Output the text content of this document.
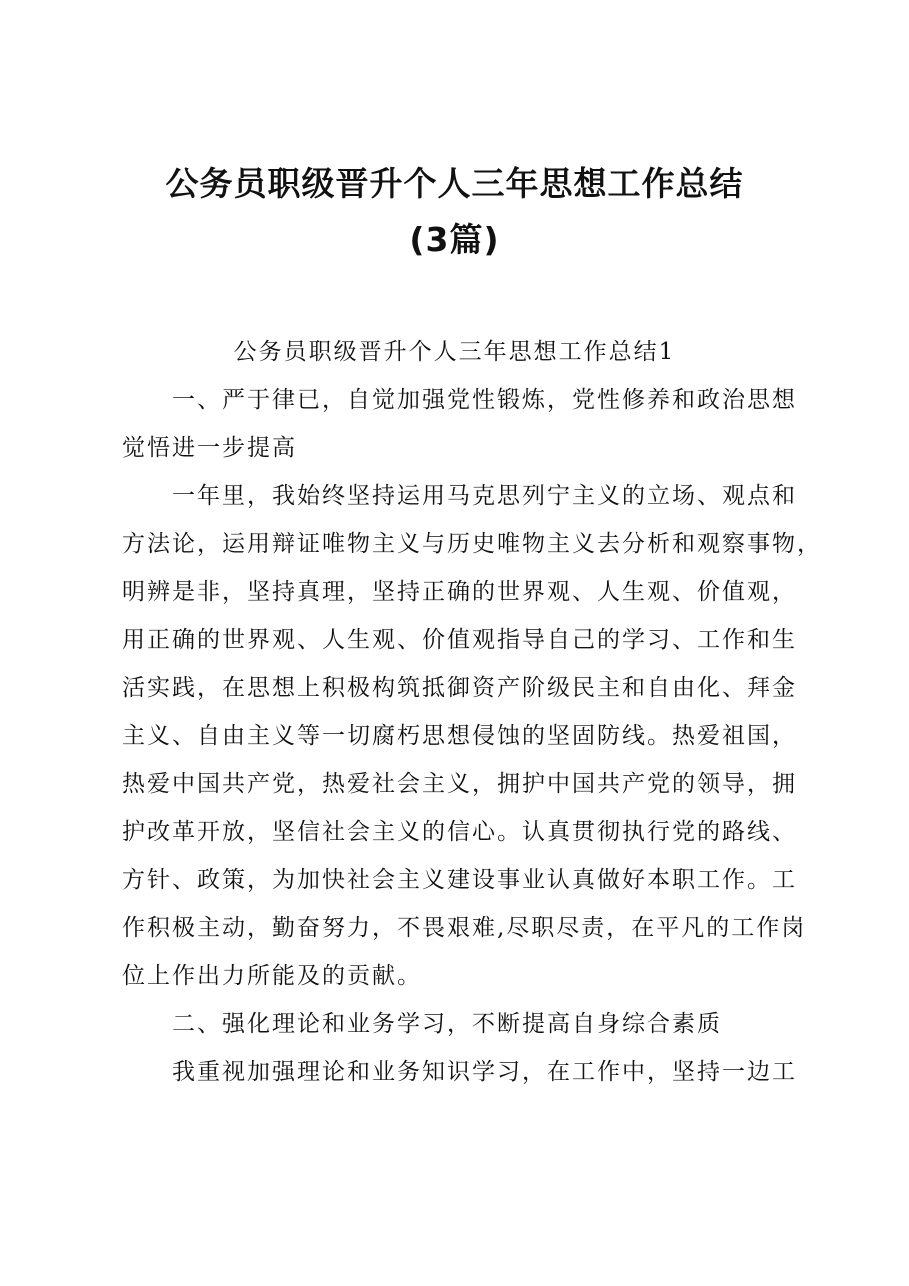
公务员职级晋升个人三年思想工作总结
(3篇)

公务员职级晋升个人三年思想工作总结1

　　一、严于律已，自觉加强党性锻炼，党性修养和政治思想
觉悟进一步提高
　　一年里，我始终坚持运用马克思列宁主义的立场、观点和
方法论，运用辩证唯物主义与历史唯物主义去分析和观察事物，
明辨是非，坚持真理，坚持正确的世界观、人生观、价值观，
用正确的世界观、人生观、价值观指导自己的学习、工作和生
活实践，在思想上积极构筑抵御资产阶级民主和自由化、拜金
主义、自由主义等一切腐朽思想侵蚀的坚固防线。热爱祖国，
热爱中国共产党，热爱社会主义，拥护中国共产党的领导，拥
护改革开放，坚信社会主义的信心。认真贯彻执行党的路线、
方针、政策，为加快社会主义建设事业认真做好本职工作。工
作积极主动，勤奋努力，不畏艰难,尽职尽责，在平凡的工作岗
位上作出力所能及的贡献。
　　二、强化理论和业务学习，不断提高自身综合素质
　　我重视加强理论和业务知识学习，在工作中，坚持一边工
